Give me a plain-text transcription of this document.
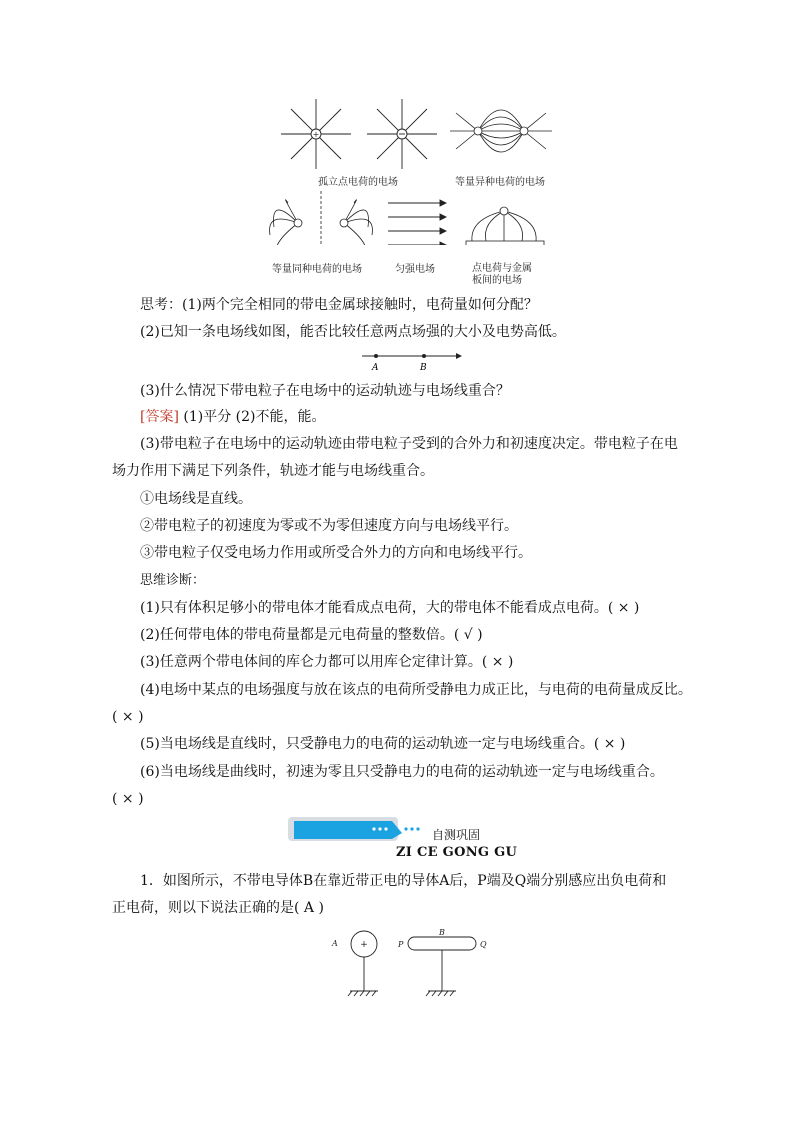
+
孤立点电荷的电场	等量异种电荷的电场
等量同种电荷的电场	匀强电场	点电荷与金属
板间的电场
思考：(1)两个完全相同的带电金属球接触时，电荷量如何分配？
(2)已知一条电场线如图，能否比较任意两点场强的大小及电势高低。
A	B
(3)什么情况下带电粒子在电场中的运动轨迹与电场线重合？
[答案] (1)平分 (2)不能，能。
(3)带电粒子在电场中的运动轨迹由带电粒子受到的合外力和初速度决定。带电粒子在电
场力作用下满足下列条件，轨迹才能与电场线重合。
①电场线是直线。
②带电粒子的初速度为零或不为零但速度方向与电场线平行。
③带电粒子仅受电场力作用或所受合外力的方向和电场线平行。
思维诊断：
(1)只有体积足够小的带电体才能看成点电荷，大的带电体不能看成点电荷。( × )
(2)任何带电体的带电荷量都是元电荷量的整数倍。( √ )
(3)任意两个带电体间的库仑力都可以用库仑定律计算。( × )
(4)电场中某点的电场强度与放在该点的电荷所受静电力成正比，与电荷的电荷量成反比。
( × )
(5)当电场线是直线时，只受静电力的电荷的运动轨迹一定与电场线重合。( × )
(6)当电场线是曲线时，初速为零且只受静电力的电荷的运动轨迹一定与电场线重合。
( × )
自测巩固
ZI CE GONG GU
1．如图所示，不带电导体B在靠近带正电的导体A后，P端及Q端分别感应出负电荷和
正电荷，则以下说法正确的是( A )
+
A
B
P	Q
